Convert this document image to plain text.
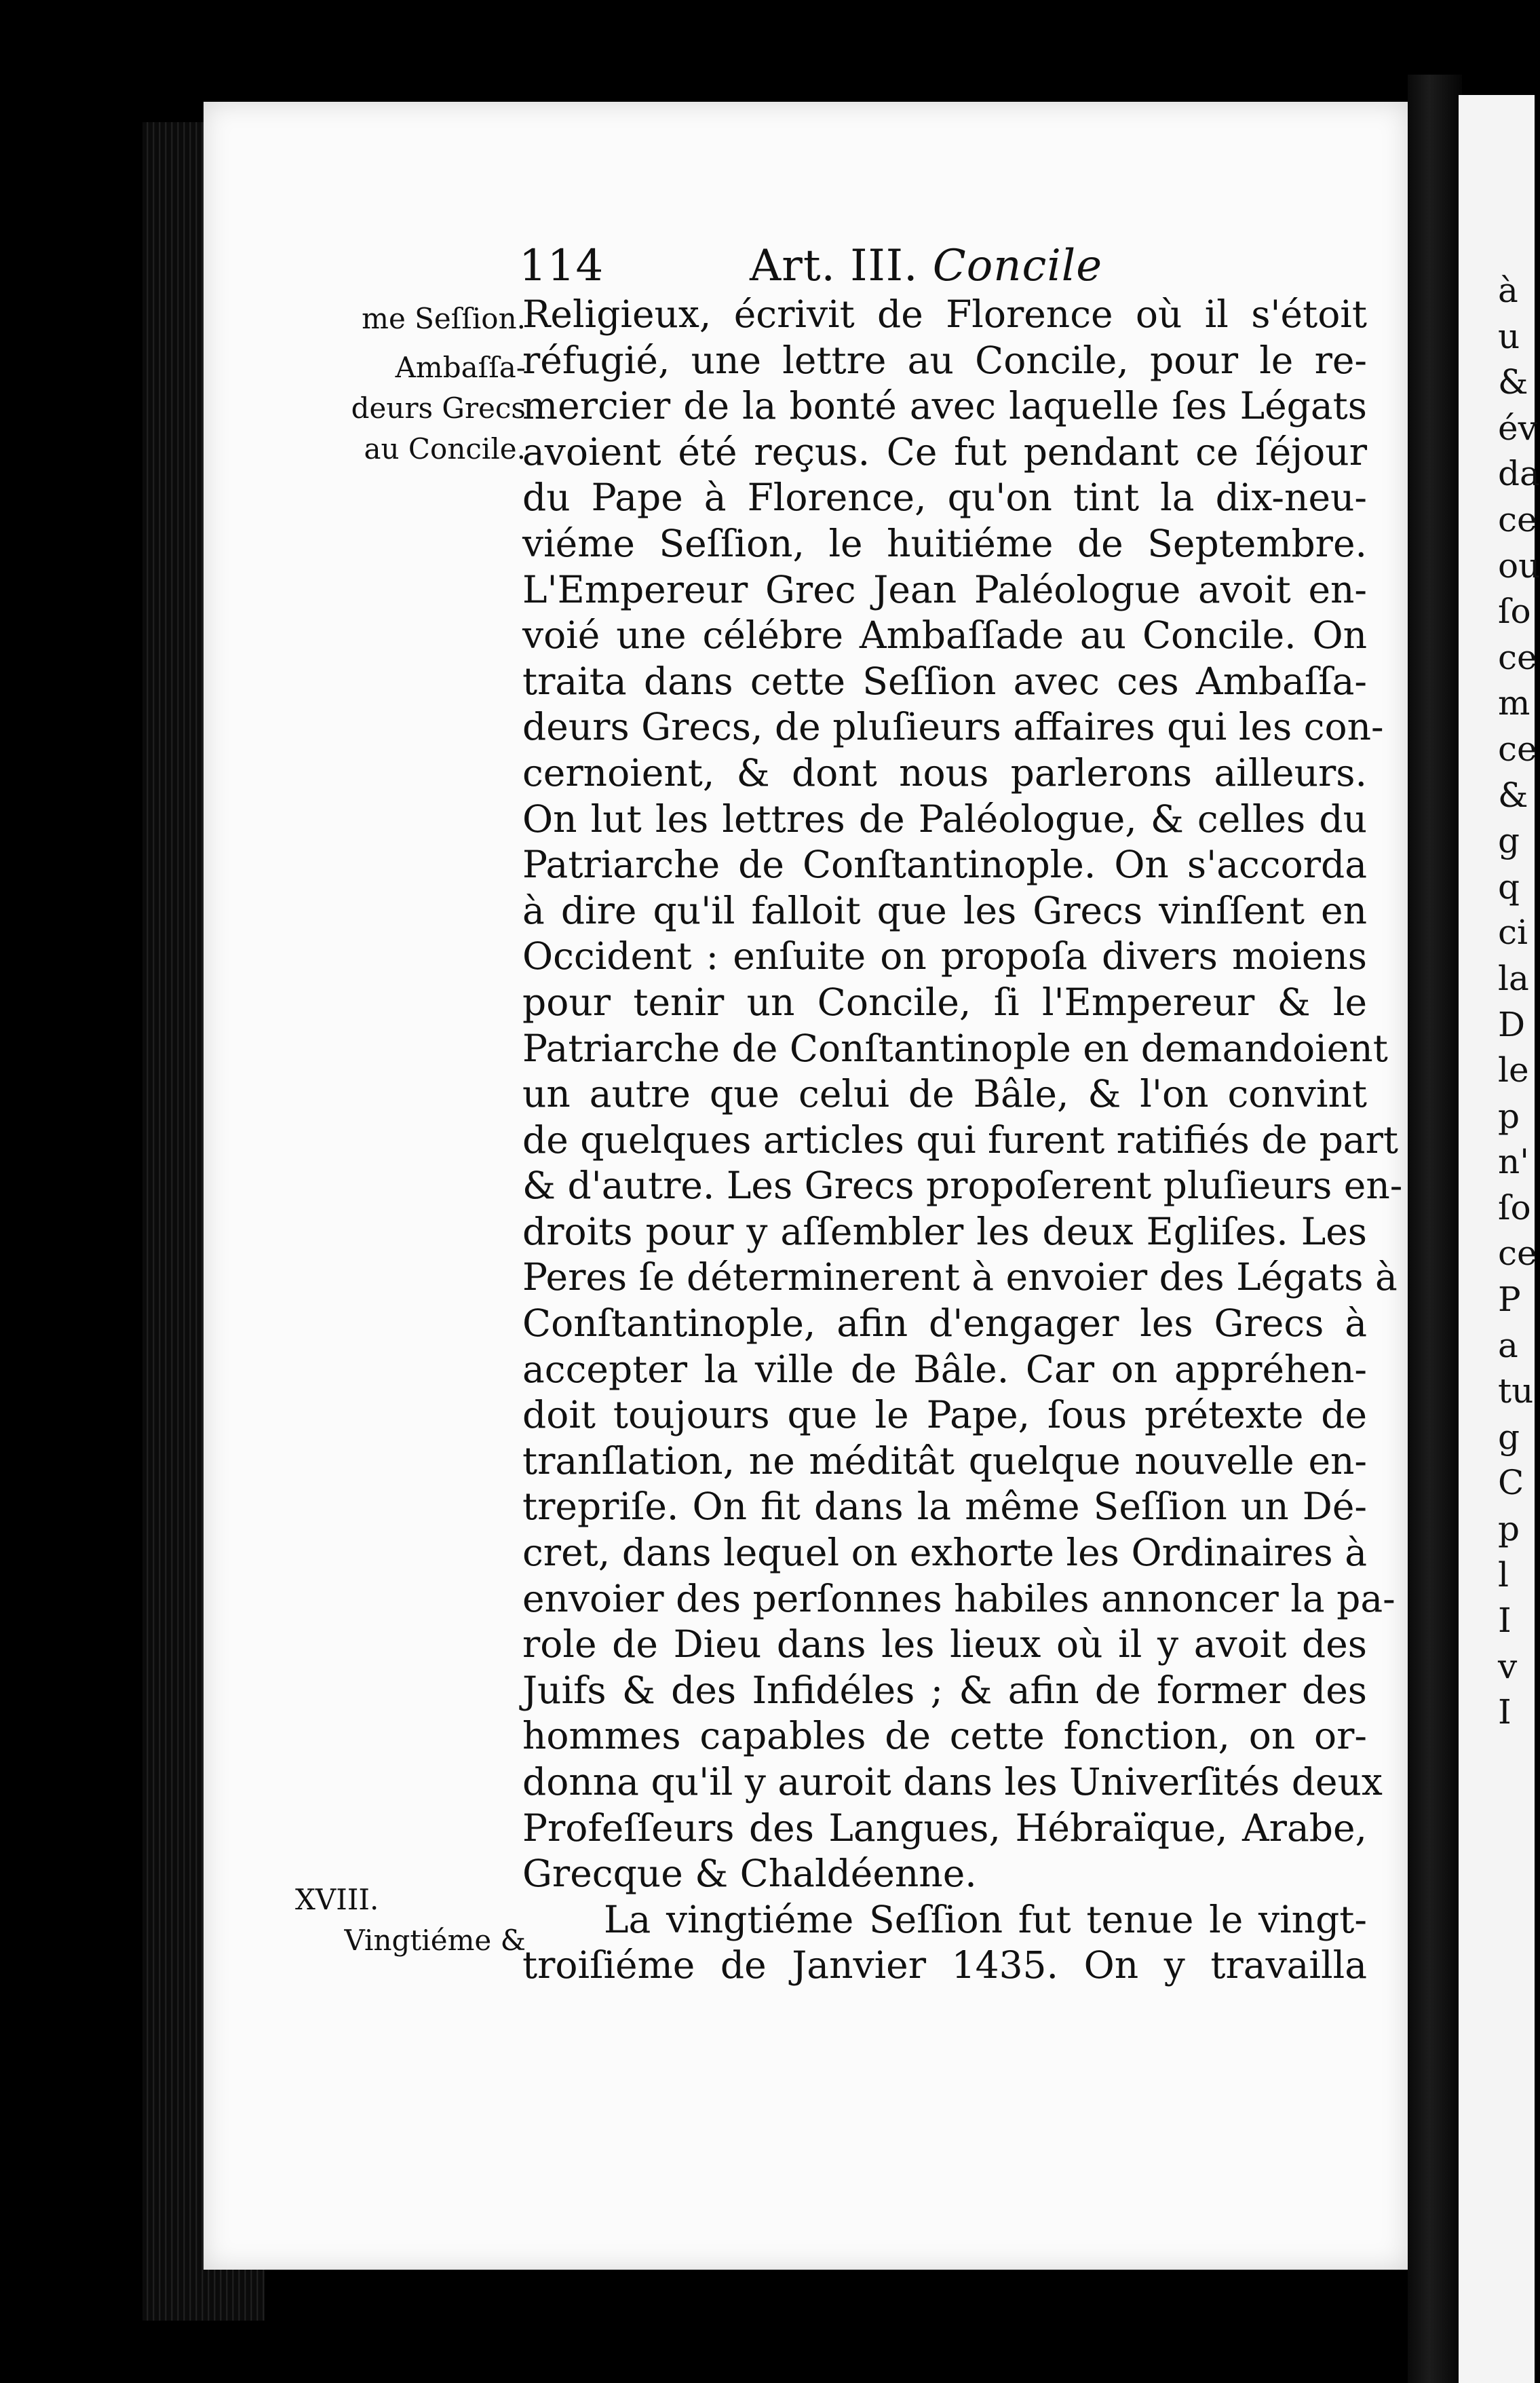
114	Art. III. Concile
me Seſſion.
Ambaſſa-
deurs Grecs
au Concile.
XVIII.
Vingtiéme &
Religieux, écrivit de Florence où il s'étoit
réfugié, une lettre au Concile, pour le re-
mercier de la bonté avec laquelle ſes Légats
avoient été reçus. Ce fut pendant ce ſéjour
du Pape à Florence, qu'on tint la dix-neu-
viéme Seſſion, le huitiéme de Septembre.
L'Empereur Grec Jean Paléologue avoit en-
voié une célébre Ambaſſade au Concile. On
traita dans cette Seſſion avec ces Ambaſſa-
deurs Grecs, de pluſieurs affaires qui les con-
cernoient, & dont nous parlerons ailleurs.
On lut les lettres de Paléologue, & celles du
Patriarche de Conſtantinople. On s'accorda
à dire qu'il falloit que les Grecs vinſſent en
Occident : enſuite on propoſa divers moiens
pour tenir un Concile, ſi l'Empereur & le
Patriarche de Conſtantinople en demandoient
un autre que celui de Bâle, & l'on convint
de quelques articles qui furent ratifiés de part
& d'autre. Les Grecs propoſerent pluſieurs en-
droits pour y aſſembler les deux Egliſes. Les
Peres ſe déterminerent à envoier des Légats à
Conſtantinople, afin d'engager les Grecs à
accepter la ville de Bâle. Car on appréhen-
doit toujours que le Pape, ſous prétexte de
tranſlation, ne méditât quelque nouvelle en-
trepriſe. On fit dans la même Seſſion un Dé-
cret, dans lequel on exhorte les Ordinaires à
envoier des perſonnes habiles annoncer la pa-
role de Dieu dans les lieux où il y avoit des
Juifs & des Infidéles ; & afin de former des
hommes capables de cette fonction, on or-
donna qu'il y auroit dans les Univerſités deux
Profeſſeurs des Langues, Hébraïque, Arabe,
Grecque & Chaldéenne.
La vingtiéme Seſſion fut tenue le vingt-
troiſiéme de Janvier 1435. On y travailla
à
u
&
év
da
ce
ou
ſo
ce
m
ce
&
g
q
ci
la
D
le
p
n'
ſo
ce
P
a
tu
g
C
p
l
I
v
I
